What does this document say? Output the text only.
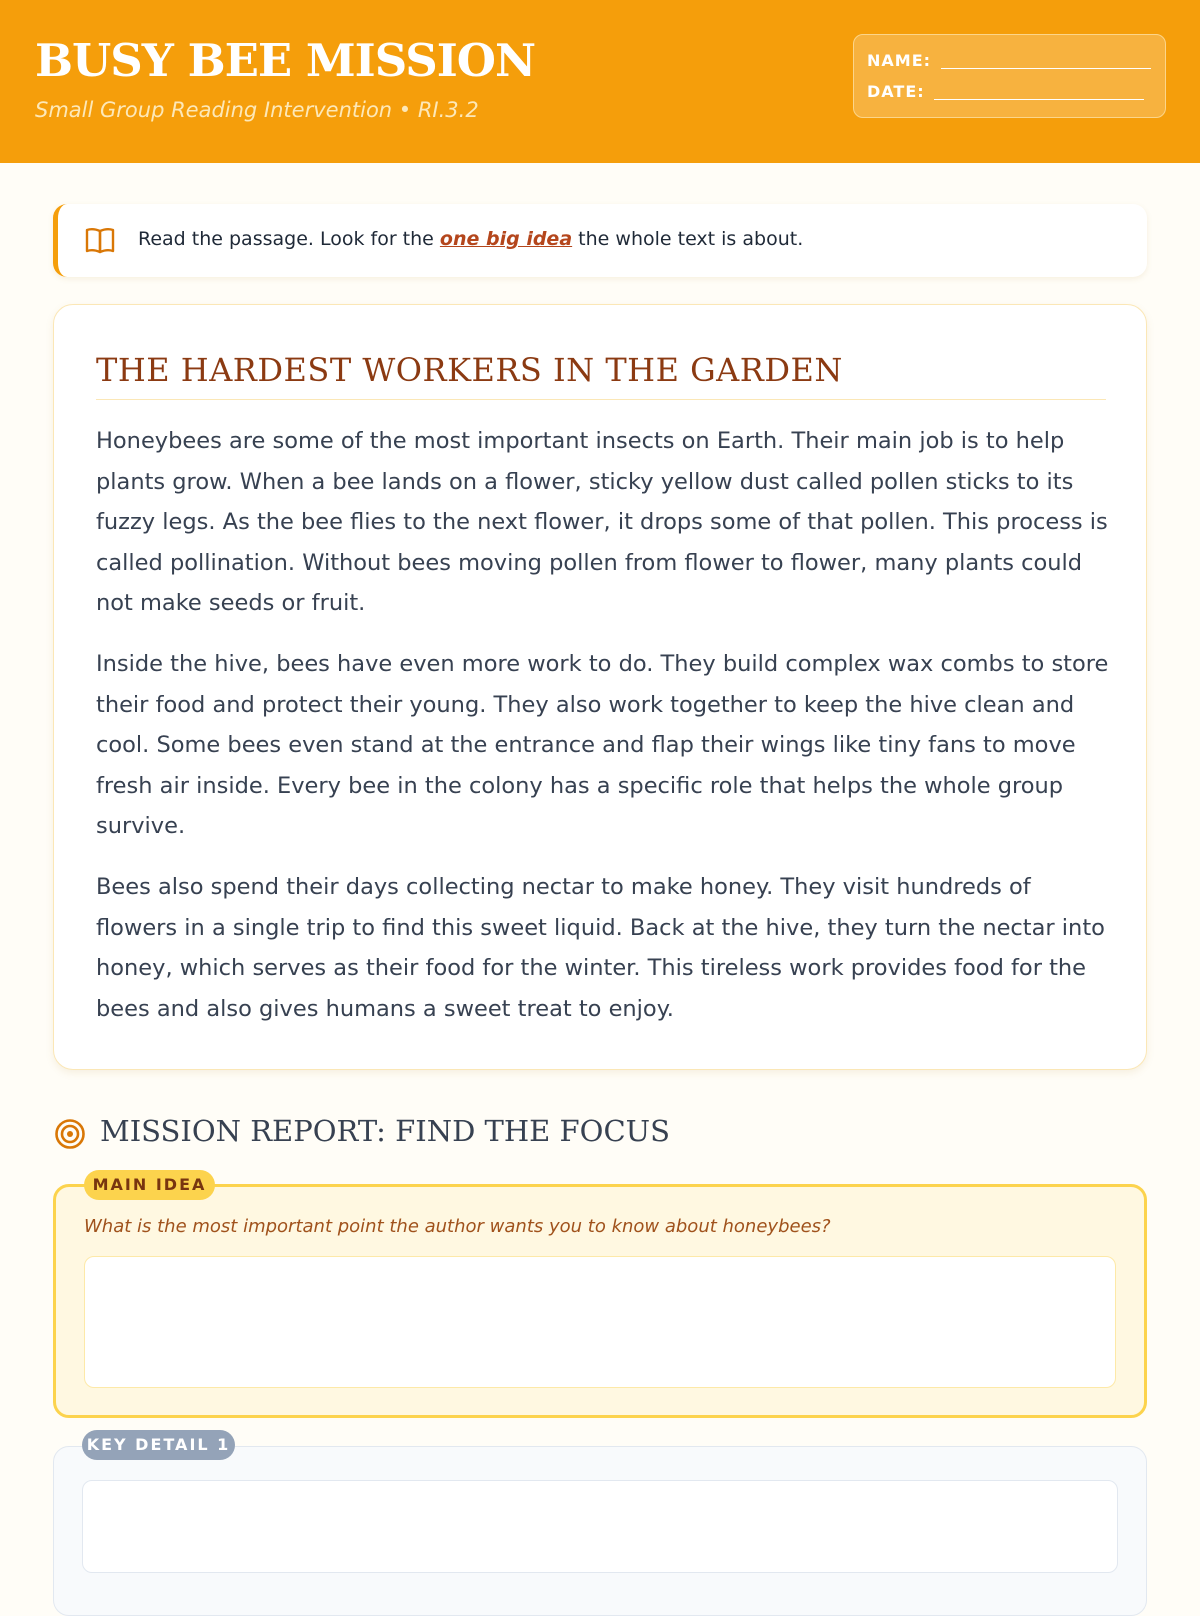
BUSY BEE MISSION
Small Group Reading Intervention • RI.3.2
NAME:
DATE:
Read the passage. Look for the one big idea the whole text is about.
THE HARDEST WORKERS IN THE GARDEN

Honeybees are some of the most important insects on Earth. Their main job is to help plants grow. When a bee lands on a flower, sticky yellow dust called pollen sticks to its fuzzy legs. As the bee flies to the next flower, it drops some of that pollen. This process is called pollination. Without bees moving pollen from flower to flower, many plants could not make seeds or fruit.

Inside the hive, bees have even more work to do. They build complex wax combs to store their food and protect their young. They also work together to keep the hive clean and cool. Some bees even stand at the entrance and flap their wings like tiny fans to move fresh air inside. Every bee in the colony has a specific role that helps the whole group survive.

Bees also spend their days collecting nectar to make honey. They visit hundreds of flowers in a single trip to find this sweet liquid. Back at the hive, they turn the nectar into honey, which serves as their food for the winter. This tireless work provides food for the bees and also gives humans a sweet treat to enjoy.

MISSION REPORT: FIND THE FOCUS
MAIN IDEA
What is the most important point the author wants you to know about honeybees?
KEY DETAIL 1
